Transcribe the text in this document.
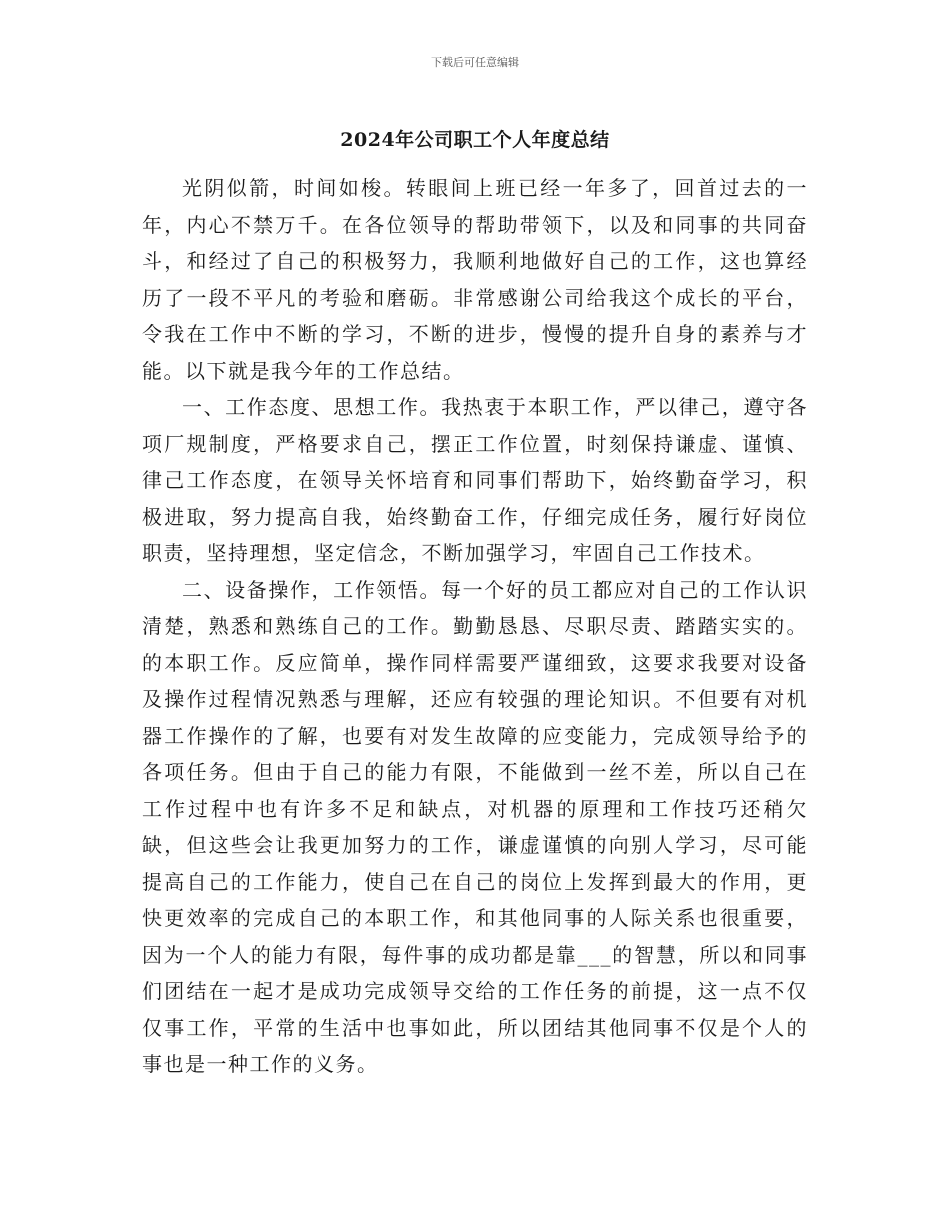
下载后可任意编辑
2024年公司职工个人年度总结

光阴似箭，时间如梭。转眼间上班已经一年多了，回首过去的一年，内心不禁万千。在各位领导的帮助带领下，以及和同事的共同奋斗，和经过了自己的积极努力，我顺利地做好自己的工作，这也算经历了一段不平凡的考验和磨砺。非常感谢公司给我这个成长的平台，令我在工作中不断的学习，不断的进步，慢慢的提升自身的素养与才能。以下就是我今年的工作总结。

一、工作态度、思想工作。我热衷于本职工作，严以律己，遵守各项厂规制度，严格要求自己，摆正工作位置，时刻保持谦虚、谨慎、律己工作态度，在领导关怀培育和同事们帮助下，始终勤奋学习，积极进取，努力提高自我，始终勤奋工作，仔细完成任务，履行好岗位职责，坚持理想，坚定信念，不断加强学习，牢固自己工作技术。

二、设备操作，工作领悟。每一个好的员工都应对自己的工作认识清楚，熟悉和熟练自己的工作。勤勤恳恳、尽职尽责、踏踏实实的。的本职工作。反应简单，操作同样需要严谨细致，这要求我要对设备及操作过程情况熟悉与理解，还应有较强的理论知识。不但要有对机器工作操作的了解，也要有对发生故障的应变能力，完成领导给予的各项任务。但由于自己的能力有限，不能做到一丝不差，所以自己在工作过程中也有许多不足和缺点，对机器的原理和工作技巧还稍欠缺，但这些会让我更加努力的工作，谦虚谨慎的向别人学习，尽可能提高自己的工作能力，使自己在自己的岗位上发挥到最大的作用，更快更效率的完成自己的本职工作，和其他同事的人际关系也很重要，因为一个人的能力有限，每件事的成功都是靠___的智慧，所以和同事们团结在一起才是成功完成领导交给的工作任务的前提，这一点不仅仅事工作，平常的生活中也事如此，所以团结其他同事不仅是个人的事也是一种工作的义务。
